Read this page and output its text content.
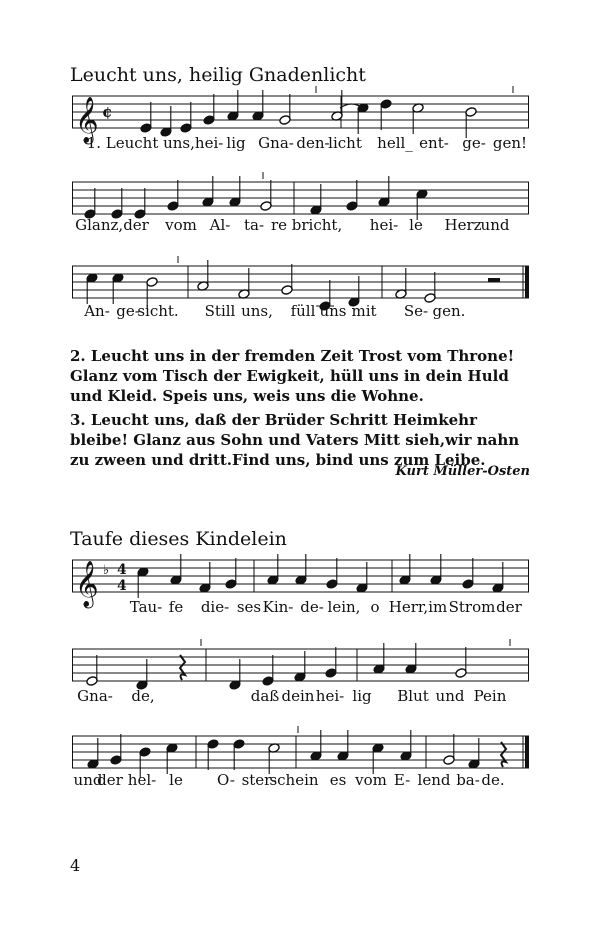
Leucht uns, heilig Gnadenlicht
𝄞 ¢
1. Leucht uns,hei- lig Gna- den-
licht hell_ ent- ge- gen!
Glanz,der vom Al- ta- re bricht, hei- le Herz und
An- ge-
sicht. Still uns, füll uns mit Se- gen.
2. Leucht uns in der fremden Zeit Trost vom Throne! Glanz vom Tisch der Ewigkeit, hüll uns in dein Huld und Kleid. Speis uns, weis uns die Wohne.
3. Leucht uns, daß der Brüder Schritt Heimkehr bleibe! Glanz aus Sohn und Vaters Mitt sieh,wir nahn zu zween und dritt.Find uns, bind uns zum Leibe.
Kurt Müller-Osten
Taufe dieses Kindelein
𝄞 ♭ 4
4
Tau- fe die- ses Kin- de- lein, o Herr,im Strom der
Gna- de,	daß dein hei- lig Blut und Pein
und
der hel- le O- ster-
schein es vom E- lend ba- de.
4
